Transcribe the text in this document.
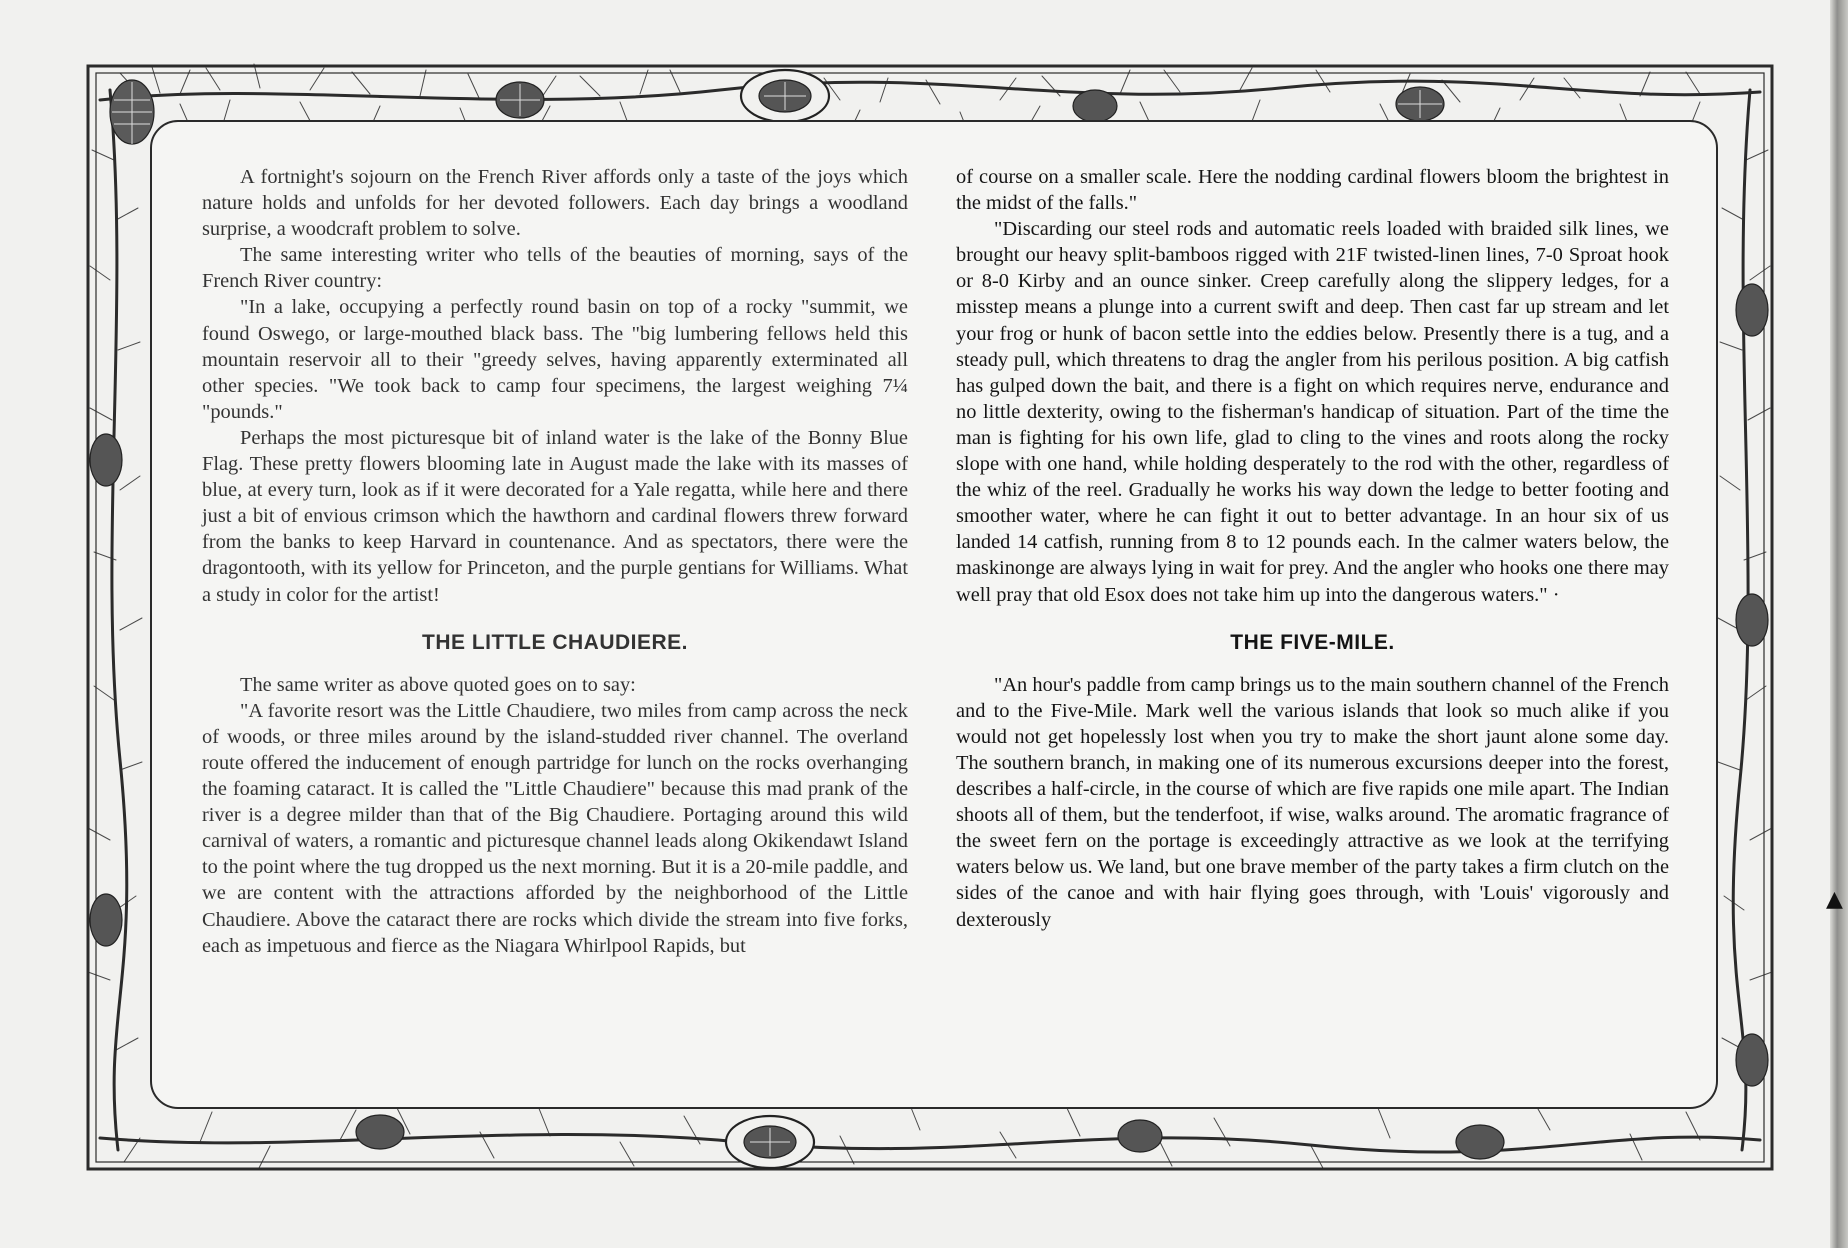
A fortnight's sojourn on the French River affords only a taste of the joys which nature holds and unfolds for her devoted followers. Each day brings a woodland surprise, a woodcraft problem to solve.

The same interesting writer who tells of the beauties of morning, says of the French River country:

"In a lake, occupying a perfectly round basin on top of a rocky "summit, we found Oswego, or large-mouthed black bass. The "big lumbering fellows held this mountain reservoir all to their "greedy selves, having apparently exterminated all other species. "We took back to camp four specimens, the largest weighing 7¼ "pounds."

Perhaps the most picturesque bit of inland water is the lake of the Bonny Blue Flag. These pretty flowers blooming late in August made the lake with its masses of blue, at every turn, look as if it were decorated for a Yale regatta, while here and there just a bit of envious crimson which the hawthorn and cardinal flowers threw forward from the banks to keep Harvard in countenance. And as spectators, there were the dragontooth, with its yellow for Princeton, and the purple gentians for Williams. What a study in color for the artist!

THE LITTLE CHAUDIERE.

The same writer as above quoted goes on to say:

"A favorite resort was the Little Chaudiere, two miles from camp across the neck of woods, or three miles around by the island-studded river channel. The overland route offered the inducement of enough partridge for lunch on the rocks overhanging the foaming cataract. It is called the "Little Chaudiere" because this mad prank of the river is a degree milder than that of the Big Chaudiere. Portaging around this wild carnival of waters, a romantic and picturesque channel leads along Okikendawt Island to the point where the tug dropped us the next morning. But it is a 20-mile paddle, and we are content with the attractions afforded by the neighborhood of the Little Chaudiere. Above the cataract there are rocks which divide the stream into five forks, each as impetuous and fierce as the Niagara Whirlpool Rapids, but

of course on a smaller scale. Here the nodding cardinal flowers bloom the brightest in the midst of the falls."

"Discarding our steel rods and automatic reels loaded with braided silk lines, we brought our heavy split-bamboos rigged with 21F twisted-linen lines, 7-0 Sproat hook or 8-0 Kirby and an ounce sinker. Creep carefully along the slippery ledges, for a misstep means a plunge into a current swift and deep. Then cast far up stream and let your frog or hunk of bacon settle into the eddies below. Presently there is a tug, and a steady pull, which threatens to drag the angler from his perilous position. A big catfish has gulped down the bait, and there is a fight on which requires nerve, endurance and no little dexterity, owing to the fisherman's handicap of situation. Part of the time the man is fighting for his own life, glad to cling to the vines and roots along the rocky slope with one hand, while holding desperately to the rod with the other, regardless of the whiz of the reel. Gradually he works his way down the ledge to better footing and smoother water, where he can fight it out to better advantage. In an hour six of us landed 14 catfish, running from 8 to 12 pounds each. In the calmer waters below, the maskinonge are always lying in wait for prey. And the angler who hooks one there may well pray that old Esox does not take him up into the dangerous waters." ·

THE FIVE-MILE.

"An hour's paddle from camp brings us to the main southern channel of the French and to the Five-Mile. Mark well the various islands that look so much alike if you would not get hopelessly lost when you try to make the short jaunt alone some day. The southern branch, in making one of its numerous excursions deeper into the forest, describes a half-circle, in the course of which are five rapids one mile apart. The Indian shoots all of them, but the tenderfoot, if wise, walks around. The aromatic fragrance of the sweet fern on the portage is exceedingly attractive as we look at the terrifying waters below us. We land, but one brave member of the party takes a firm clutch on the sides of the canoe and with hair flying goes through, with 'Louis' vigorously and dexterously

▲
